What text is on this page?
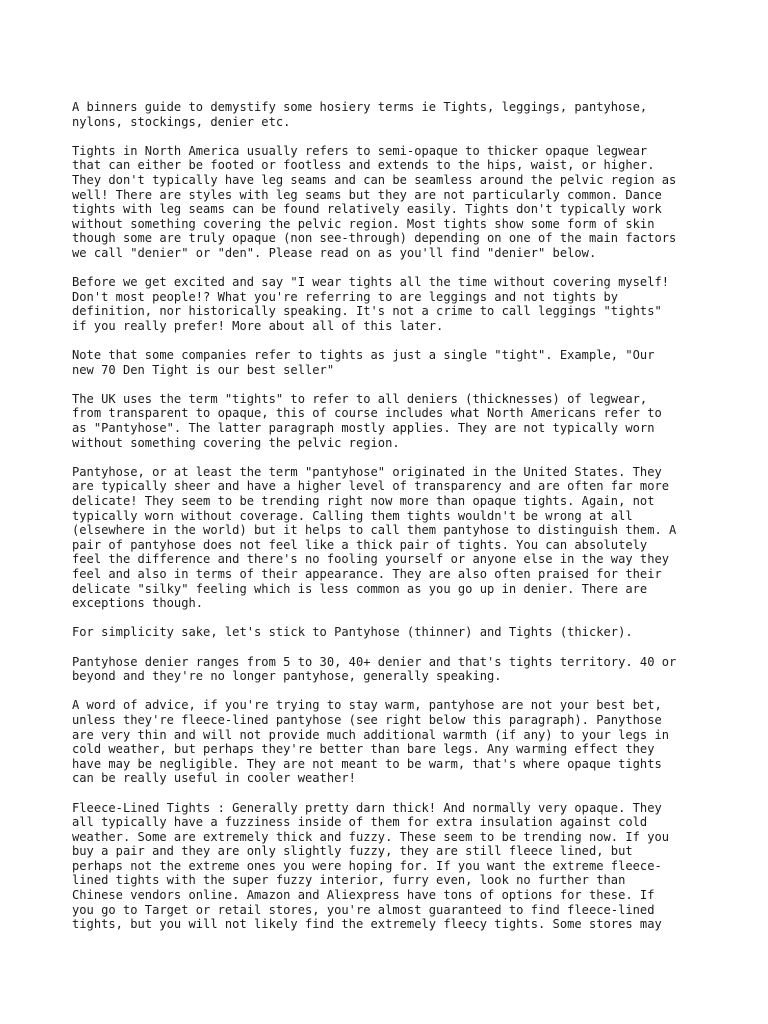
A binners guide to demystify some hosiery terms ie Tights, leggings, pantyhose,
nylons, stockings, denier etc.
Tights in North America usually refers to semi-opaque to thicker opaque legwear
that can either be footed or footless and extends to the hips, waist, or higher.
They don't typically have leg seams and can be seamless around the pelvic region as
well! There are styles with leg seams but they are not particularly common. Dance
tights with leg seams can be found relatively easily. Tights don't typically work
without something covering the pelvic region. Most tights show some form of skin
though some are truly opaque (non see-through) depending on one of the main factors
we call "denier" or "den". Please read on as you'll find "denier" below.
Before we get excited and say "I wear tights all the time without covering myself!
Don't most people!? What you're referring to are leggings and not tights by
definition, nor historically speaking. It's not a crime to call leggings "tights"
if you really prefer! More about all of this later.
Note that some companies refer to tights as just a single "tight". Example, "Our
new 70 Den Tight is our best seller"
The UK uses the term "tights" to refer to all deniers (thicknesses) of legwear,
from transparent to opaque, this of course includes what North Americans refer to
as "Pantyhose". The latter paragraph mostly applies. They are not typically worn
without something covering the pelvic region.
Pantyhose, or at least the term "pantyhose" originated in the United States. They
are typically sheer and have a higher level of transparency and are often far more
delicate! They seem to be trending right now more than opaque tights. Again, not
typically worn without coverage. Calling them tights wouldn't be wrong at all
(elsewhere in the world) but it helps to call them pantyhose to distinguish them. A
pair of pantyhose does not feel like a thick pair of tights. You can absolutely
feel the difference and there's no fooling yourself or anyone else in the way they
feel and also in terms of their appearance. They are also often praised for their
delicate "silky" feeling which is less common as you go up in denier. There are
exceptions though.
For simplicity sake, let's stick to Pantyhose (thinner) and Tights (thicker).
Pantyhose denier ranges from 5 to 30, 40+ denier and that's tights territory. 40 or
beyond and they're no longer pantyhose, generally speaking.
A word of advice, if you're trying to stay warm, pantyhose are not your best bet,
unless they're fleece-lined pantyhose (see right below this paragraph). Panythose
are very thin and will not provide much additional warmth (if any) to your legs in
cold weather, but perhaps they're better than bare legs. Any warming effect they
have may be negligible. They are not meant to be warm, that's where opaque tights
can be really useful in cooler weather!
Fleece-Lined Tights : Generally pretty darn thick! And normally very opaque. They
all typically have a fuzziness inside of them for extra insulation against cold
weather. Some are extremely thick and fuzzy. These seem to be trending now. If you
buy a pair and they are only slightly fuzzy, they are still fleece lined, but
perhaps not the extreme ones you were hoping for. If you want the extreme fleece-
lined tights with the super fuzzy interior, furry even, look no further than
Chinese vendors online. Amazon and Aliexpress have tons of options for these. If
you go to Target or retail stores, you're almost guaranteed to find fleece-lined
tights, but you will not likely find the extremely fleecy tights. Some stores may
